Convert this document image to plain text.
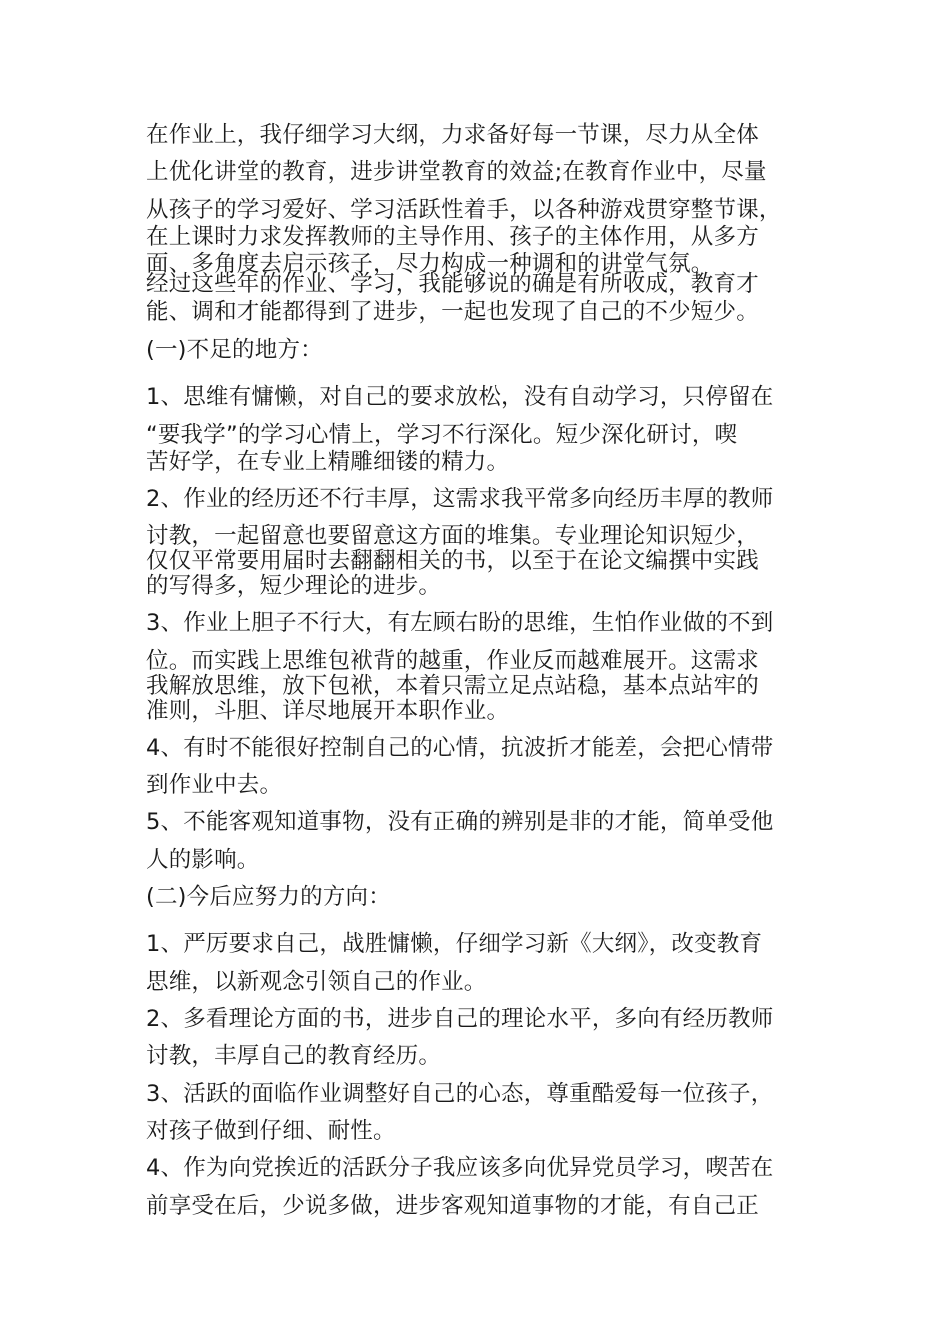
在作业上，我仔细学习大纲，力求备好每一节课，尽力从全体
上优化讲堂的教育，进步讲堂教育的效益;在教育作业中，尽量
从孩子的学习爱好、学习活跃性着手，以各种游戏贯穿整节课，
在上课时力求发挥教师的主导作用、孩子的主体作用，从多方
面、多角度去启示孩子，尽力构成一种调和的讲堂气氛。
经过这些年的作业、学习，我能够说的确是有所收成，教育才
能、调和才能都得到了进步，一起也发现了自己的不少短少。
(一)不足的地方：
1、思维有慵懒，对自己的要求放松，没有自动学习，只停留在
“要我学”的学习心情上，学习不行深化。短少深化研讨，喫
苦好学，在专业上精雕细镂的精力。
2、作业的经历还不行丰厚，这需求我平常多向经历丰厚的教师
讨教，一起留意也要留意这方面的堆集。专业理论知识短少，
仅仅平常要用届时去翻翻相关的书，以至于在论文编撰中实践
的写得多，短少理论的进步。
3、作业上胆子不行大，有左顾右盼的思维，生怕作业做的不到
位。而实践上思维包袱背的越重，作业反而越难展开。这需求
我解放思维，放下包袱，本着只需立足点站稳，基本点站牢的
准则，斗胆、详尽地展开本职作业。
4、有时不能很好控制自己的心情，抗波折才能差，会把心情带
到作业中去。
5、不能客观知道事物，没有正确的辨别是非的才能，简单受他
人的影响。
(二)今后应努力的方向：
1、严厉要求自己，战胜慵懒，仔细学习新《大纲》，改变教育
思维，以新观念引领自己的作业。
2、多看理论方面的书，进步自己的理论水平，多向有经历教师
讨教，丰厚自己的教育经历。
3、活跃的面临作业调整好自己的心态，尊重酷爱每一位孩子，
对孩子做到仔细、耐性。
4、作为向党挨近的活跃分子我应该多向优异党员学习，喫苦在
前享受在后，少说多做，进步客观知道事物的才能，有自己正
